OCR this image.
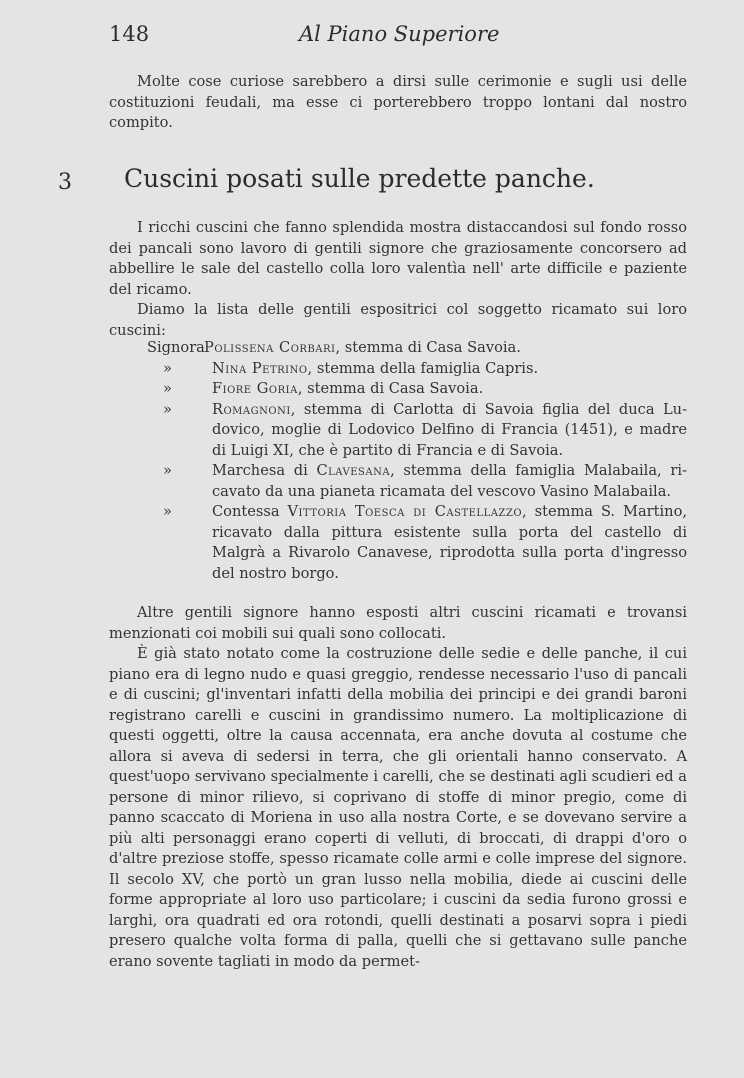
148	Al Piano Superiore

Molte cose curiose sarebbero a dirsi sulle cerimonie e sugli usi delle costituzioni feudali, ma esse ci porterebbero troppo lontani dal nostro compito.

3 Cuscini posati sulle predette panche.

I ricchi cuscini che fanno splendida mostra distaccandosi sul fondo rosso dei pancali sono lavoro di gentili signore che graziosamente concorsero ad abbellire le sale del castello colla loro valentìa nell' arte difficile e paziente del ricamo.

Diamo la lista delle gentili espositrici col soggetto ricamato sui loro cuscini:

Signora Polissena Corbari, stemma di Casa Savoia.

»	Nina Petrino, stemma della famiglia Capris.

»	Fiore Goria, stemma di Casa Savoia.

»	Romagnoni, stemma di Carlotta di Savoia figlia del duca Ludovico, moglie di Lodovico Delfino di Francia (1451), e madre di Luigi XI, che è partito di Francia e di Savoia.

»	Marchesa di Clavesana, stemma della famiglia Malabaila, ricavato da una pianeta ricamata del vescovo Vasino Malabaila.

»	Contessa Vittoria Toesca di Castellazzo, stemma S. Martino, ricavato dalla pittura esistente sulla porta del castello di Malgrà a Rivarolo Canavese, riprodotta sulla porta d'ingresso del nostro borgo.

Altre gentili signore hanno esposti altri cuscini ricamati e trovansi menzionati coi mobili sui quali sono collocati.

È già stato notato come la costruzione delle sedie e delle panche, il cui piano era di legno nudo e quasi greggio, rendesse necessario l'uso di pancali e di cuscini; gl'inventari infatti della mobilia dei principi e dei grandi baroni registrano carelli e cuscini in grandissimo numero. La moltiplicazione di questi oggetti, oltre la causa accennata, era anche dovuta al costume che allora si aveva di sedersi in terra, che gli orientali hanno conservato. A quest'uopo servivano specialmente i carelli, che se destinati agli scudieri ed a persone di minor rilievo, si coprivano di stoffe di minor pregio, come di panno scaccato di Moriena in uso alla nostra Corte, e se dovevano servire a più alti personaggi erano coperti di velluti, di broccati, di drappi d'oro o d'altre preziose stoffe, spesso ricamate colle armi e colle imprese del signore. Il secolo XV, che portò un gran lusso nella mobilia, diede ai cuscini delle forme appropriate al loro uso particolare; i cuscini da sedia furono grossi e larghi, ora quadrati ed ora rotondi, quelli destinati a posarvi sopra i piedi presero qualche volta forma di palla, quelli che si gettavano sulle panche erano sovente tagliati in modo da permet-
